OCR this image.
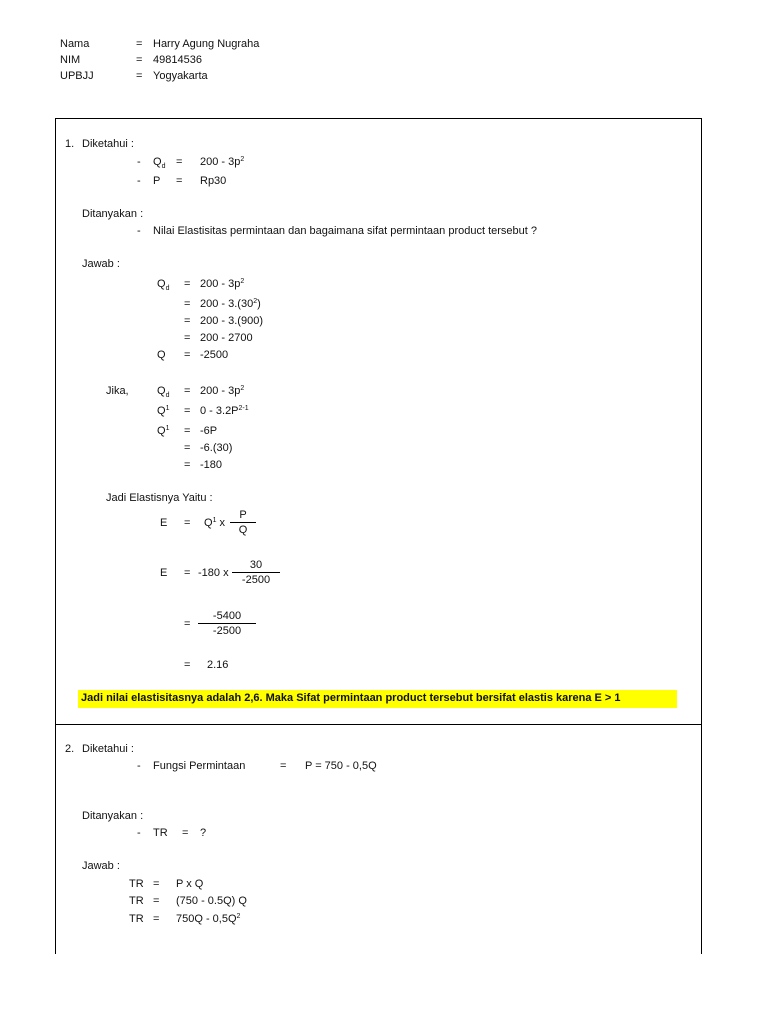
Nama	= Harry Agung Nugraha
NIM	= 49814536
UPBJJ	= Yogyakarta
1. Diketahui :
- $Q_d = 200 - 3p^2$
- P = Rp30
Ditanyakan :
- Nilai Elastisitas permintaan dan bagaimana sifat permintaan product tersebut ?
Jawab :
$Q_d = 200 - 3p^2$
= $200 - 3.(30^2)$
= 200 - 3.(900)
= 200 - 2700
Q = -2500
Jika,	$Q_d = 200 - 3p^2$
$Q^1 = 0 - 3.2P^{2-1}$
$Q^1 = -6P$
= -6.(30)
= -180
Jadi Elastisnya Yaitu :
$E = Q^1$ x
P
Q
E = -180 x
30
-2500
=
-5400
-2500
= 2.16
Jadi nilai elastisitasnya adalah 2,6. Maka Sifat permintaan product tersebut bersifat elastis karena E > 1
2. Diketahui :
- Fungsi Permintaan	= P = 750 - 0,5Q
Ditanyakan :
- TR = ?
Jawab :
TR = P x Q
TR = (750 - 0.5Q) Q
TR = $750Q - 0,5Q^2$
